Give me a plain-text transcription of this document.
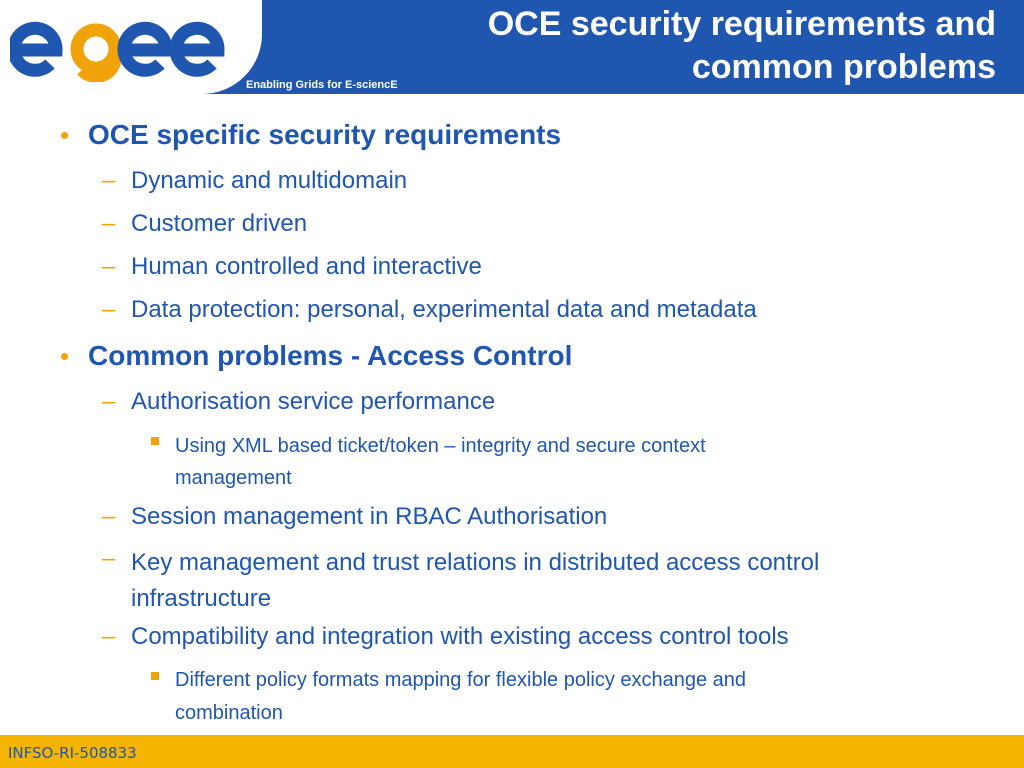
Enabling Grids for E-sciencE
OCE security requirements and
common problems
• OCE specific security requirements
– Dynamic and multidomain
– Customer driven
– Human controlled and interactive
– Data protection: personal, experimental data and metadata
• Common problems - Access Control
– Authorisation service performance
Using XML based ticket/token – integrity and secure context
management
– Session management in RBAC Authorisation
– Key management and trust relations in distributed access control
infrastructure
– Compatibility and integration with existing access control tools
Different policy formats mapping for flexible policy exchange and
combination
INFSO-RI-508833
